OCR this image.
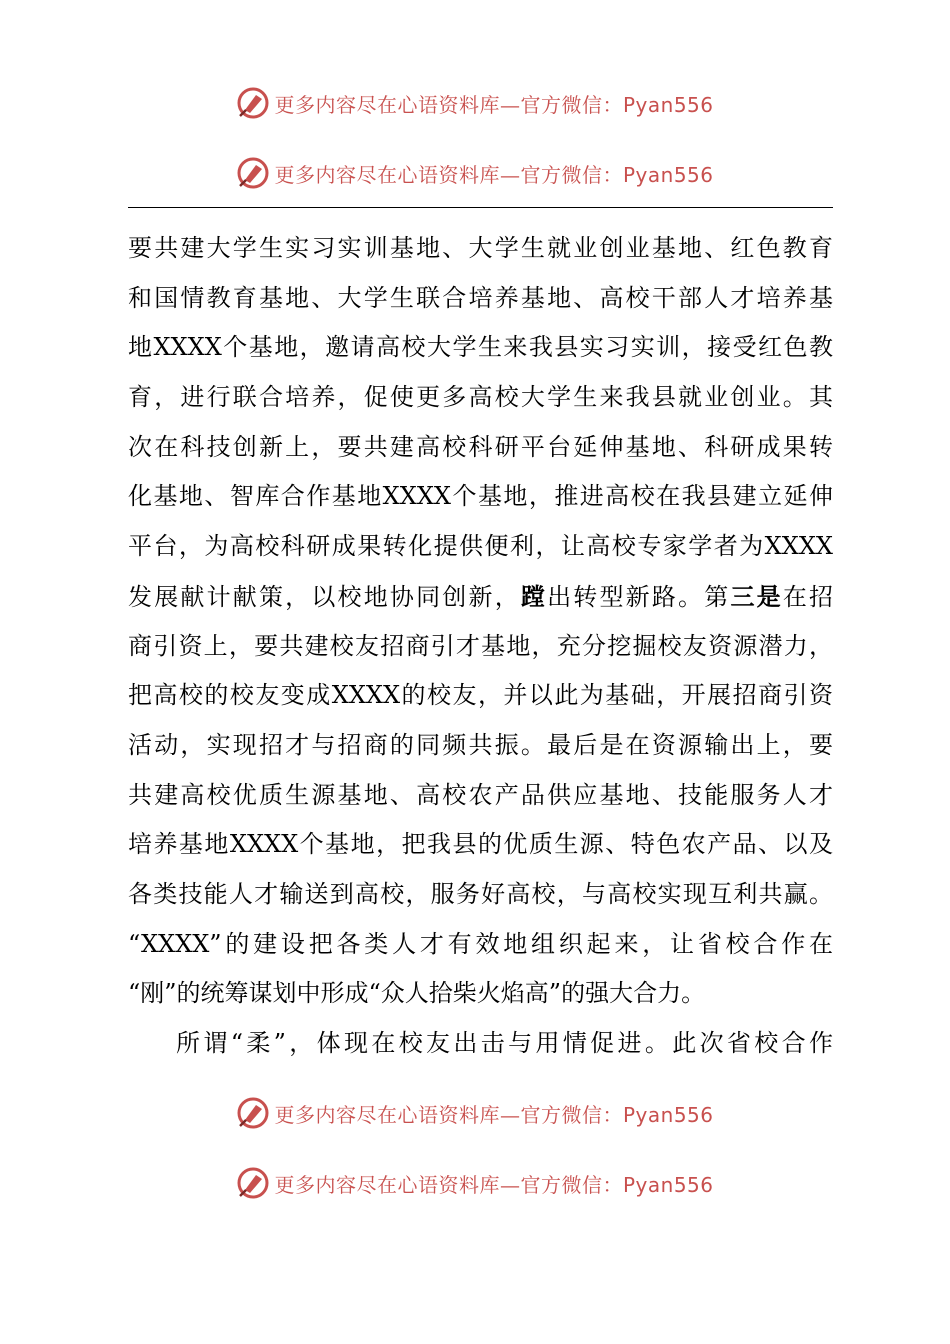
更多内容尽在心语资料库—官方微信：Pyan556
更多内容尽在心语资料库—官方微信：Pyan556
要共建大学生实习实训基地、大学生就业创业基地、红色教育
和国情教育基地、大学生联合培养基地、高校干部人才培养基
地XXXX个基地，邀请高校大学生来我县实习实训，接受红色教
育，进行联合培养，促使更多高校大学生来我县就业创业。其
次在科技创新上，要共建高校科研平台延伸基地、科研成果转
化基地、智库合作基地XXXX个基地，推进高校在我县建立延伸
平台，为高校科研成果转化提供便利，让高校专家学者为XXXX
发展献计献策，以校地协同创新，蹚出转型新路。第三是在招
商引资上，要共建校友招商引才基地，充分挖掘校友资源潜力，
把高校的校友变成XXXX的校友，并以此为基础，开展招商引资
活动，实现招才与招商的同频共振。最后是在资源输出上，要
共建高校优质生源基地、高校农产品供应基地、技能服务人才
培养基地XXXX个基地，把我县的优质生源、特色农产品、以及
各类技能人才输送到高校，服务好高校，与高校实现互利共赢。
“XXXX”的建设把各类人才有效地组织起来，让省校合作在
“刚”的统筹谋划中形成“众人拾柴火焰高”的强大合力。
所谓“柔”，体现在校友出击与用情促进。此次省校合作
更多内容尽在心语资料库—官方微信：Pyan556
更多内容尽在心语资料库—官方微信：Pyan556
